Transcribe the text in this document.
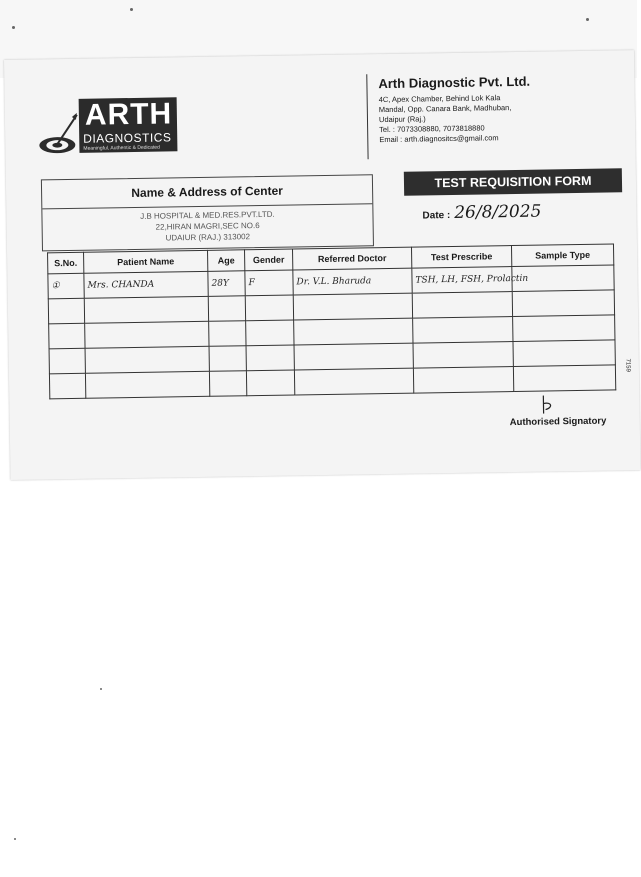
ARTH
DIAGNOSTICS
Meaningful, Authentic & Dedicated
Arth Diagnostic Pvt. Ltd.
4C, Apex Chamber, Behind Lok Kala
Mandal, Opp. Canara Bank, Madhuban,
Udaipur (Raj.)
Tel. : 7073308880, 7073818880
Email : arth.diagnositcs@gmail.com
Name & Address of Center
J.B HOSPITAL & MED.RES.PVT.LTD.
22,HIRAN MAGRI,SEC NO.6
UDAIUR (RAJ.) 313002
TEST REQUISITION FORM
Date : 26/8/2025
S.No.	Patient Name	Age	Gender	Referred Doctor	Test Prescribe	Sample Type
①	Mrs. CHANDA	28Y	F	Dr. V.L. Bharuda	TSH, LH, FSH, Prolactin	

7159
Authorised Signatory
